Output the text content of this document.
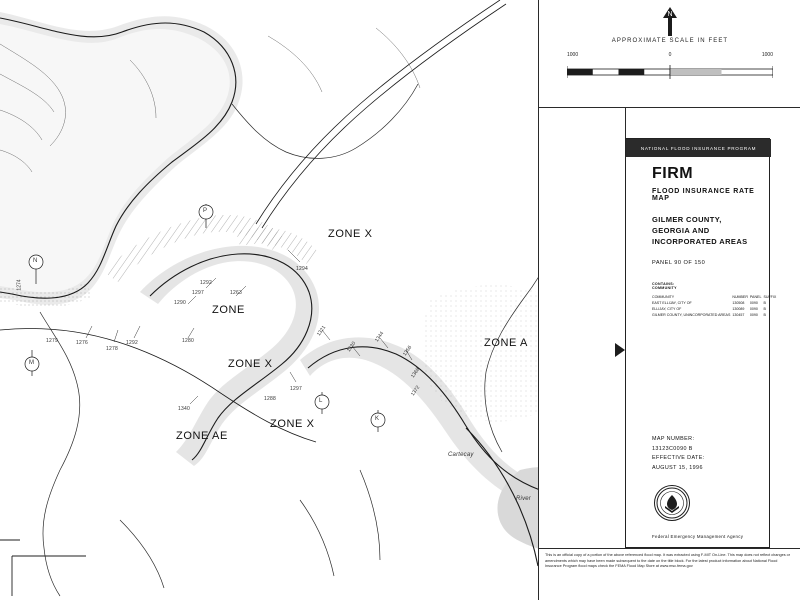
ZONE X
ZONE
ZONE X
ZONE X
ZONE AE
ZONE A
1294
1292
1297	1263
1290
1292
1276
1279
1278
1280
1297
1340
1288
1274
1321
1330
1344
1356
1368
1372
Cartecay
River
P
N
M
L
K
N
APPROXIMATE SCALE IN FEET
1000	0	1000
NATIONAL FLOOD INSURANCE PROGRAM
FIRM
FLOOD INSURANCE RATE MAP
GILMER COUNTY,
GEORGIA AND
INCORPORATED AREAS
PANEL 90 OF 150
CONTAINS:
COMMUNITY
COMMUNITY	NUMBER	PANEL	SUFFIX
EAST ELLIJAY, CITY OF	130508	0090	B
ELLIJAY, CITY OF	130089	0090	B
GILMER COUNTY, UNINCORPORATED AREAS	130457	0090	B
MAP NUMBER:
13123C0090 B
EFFECTIVE DATE:
AUGUST 15, 1996
Federal Emergency Management Agency
This is an official copy of a portion of the above referenced flood map. It was extracted using F-MIT On-Line. This map does not reflect changes or amendments which may have been made subsequent to the date on the title block. For the latest product information about National Flood Insurance Program flood maps check the FEMA Flood Map Store at www.msc.fema.gov
